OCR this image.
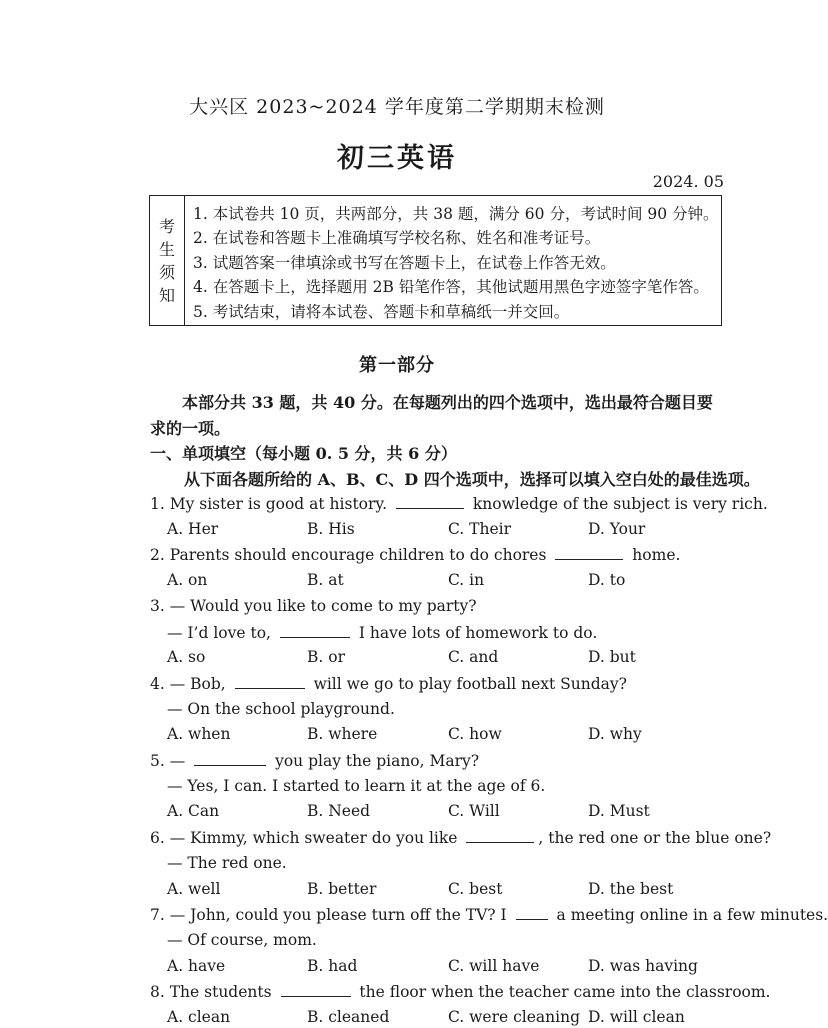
大兴区 2023~2024 学年度第二学期期末检测
初三英语
2024. 05
考
生
须
知
1. 本试卷共 10 页，共两部分，共 38 题，满分 60 分，考试时间 90 分钟。
2. 在试卷和答题卡上准确填写学校名称、姓名和准考证号。
3. 试题答案一律填涂或书写在答题卡上，在试卷上作答无效。
4. 在答题卡上，选择题用 2B 铅笔作答，其他试题用黑色字迹签字笔作答。
5. 考试结束，请将本试卷、答题卡和草稿纸一并交回。
第一部分
本部分共 33 题，共 40 分。在每题列出的四个选项中，选出最符合题目要求的一项。
一、单项填空（每小题 0. 5 分，共 6 分）
从下面各题所给的 A、B、C、D 四个选项中，选择可以填入空白处的最佳选项。
1. My sister is good at history.	knowledge of the subject is very rich.
A. Her	B. His	C. Their	D. Your
2. Parents should encourage children to do chores	home.
A. on	B. at	C. in	D. to
3. — Would you like to come to my party?
— I’d love to,	I have lots of homework to do.
A. so	B. or	C. and	D. but
4. — Bob,	will we go to play football next Sunday?
— On the school playground.
A. when	B. where	C. how	D. why
5. —	you play the piano, Mary?
— Yes, I can. I started to learn it at the age of 6.
A. Can	B. Need	C. Will	D. Must
6. — Kimmy, which sweater do you like	, the red one or the blue one?
— The red one.
A. well	B. better	C. best	D. the best
7. — John, could you please turn off the TV? I	a meeting online in a few minutes.
— Of course, mom.
A. have	B. had	C. will have	D. was having
8. The students	the floor when the teacher came into the classroom.
A. clean	B. cleaned	C. were cleaning D. will clean
